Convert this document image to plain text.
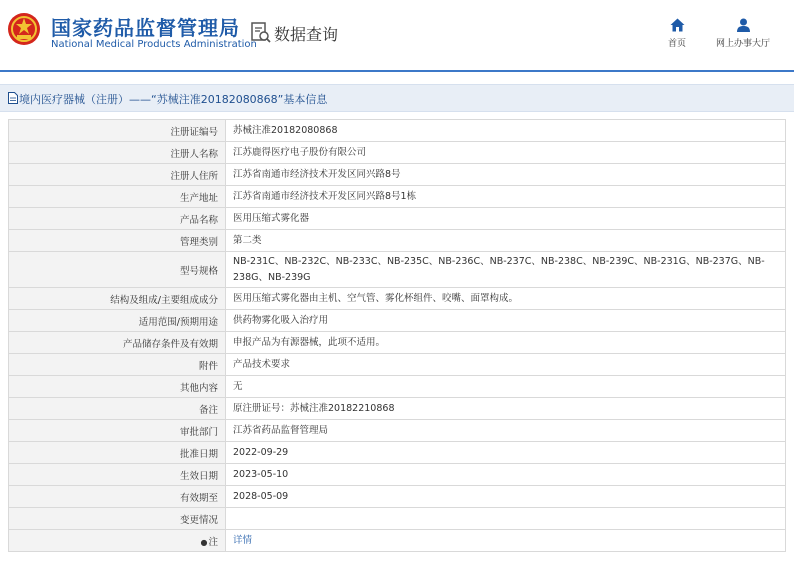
国家药品监督管理局
National Medical Products Administration
数据查询	首页	网上办事大厅
境内医疗器械（注册）——“苏械注准20182080868”基本信息
注册证编号	苏械注准20182080868
注册人名称	江苏鹿得医疗电子股份有限公司
注册人住所	江苏省南通市经济技术开发区同兴路8号
生产地址	江苏省南通市经济技术开发区同兴路8号1栋
产品名称	医用压缩式雾化器
管理类别	第二类
型号规格	NB-231C、NB-232C、NB-233C、NB-235C、NB-236C、NB-237C、NB-238C、NB-239C、NB-231G、NB-237G、NB-238G、NB-239G
结构及组成/主要组成成分	医用压缩式雾化器由主机、空气管、雾化杯组件、咬嘴、面罩构成。
适用范围/预期用途	供药物雾化吸入治疗用
产品储存条件及有效期	申报产品为有源器械，此项不适用。
附件	产品技术要求
其他内容	无
备注	原注册证号：苏械注准20182210868
审批部门	江苏省药品监督管理局
批准日期	2022-09-29
生效日期	2023-05-10
有效期至	2028-05-09
变更情况	
●注	详情
